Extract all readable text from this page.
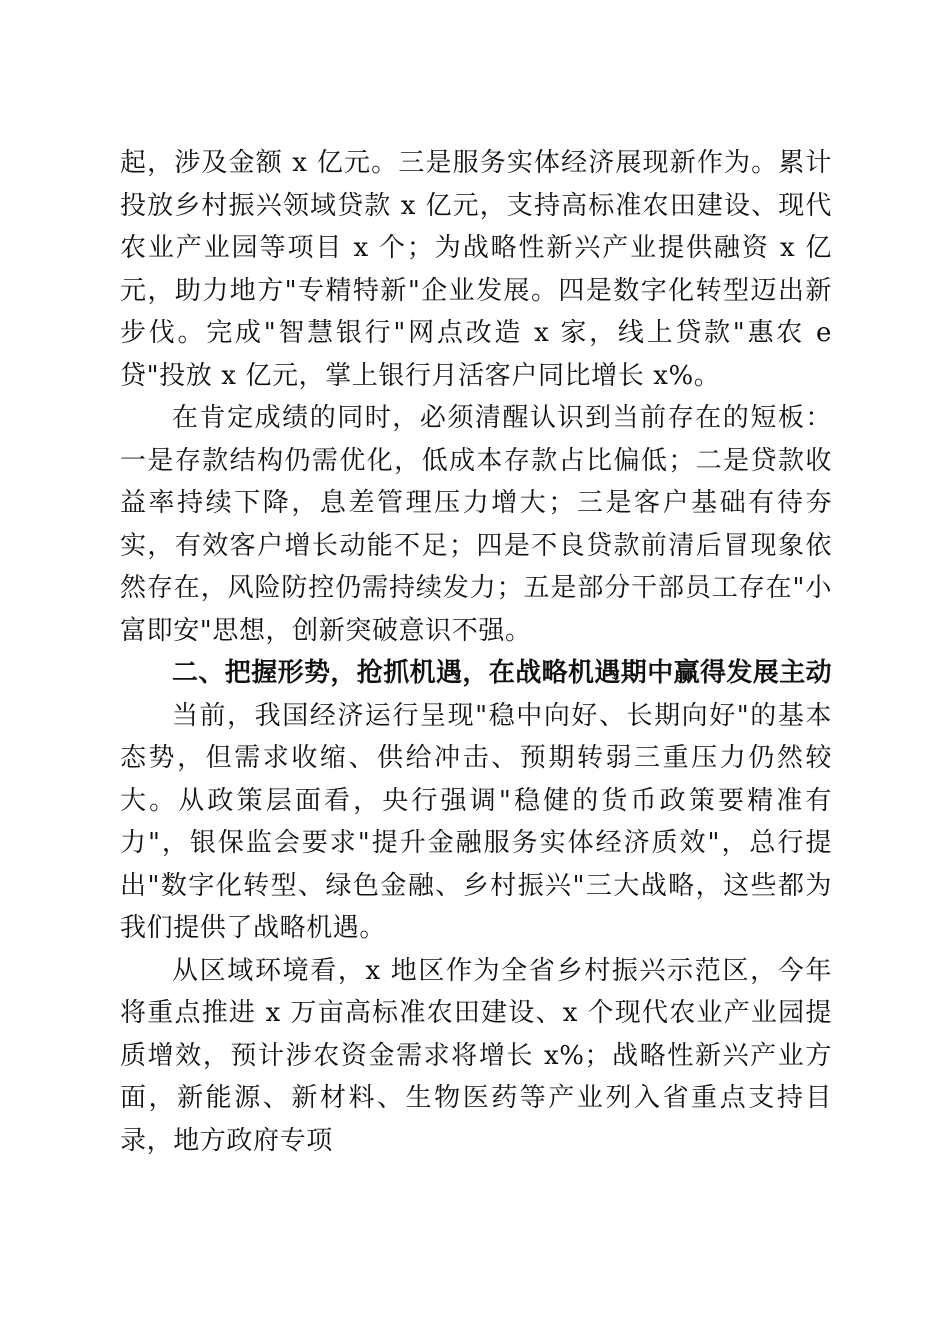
起，涉及金额 x 亿元。三是服务实体经济展现新作为。累计投放乡村振兴领域贷款 x 亿元，支持高标准农田建设、现代农业产业园等项目 x 个；为战略性新兴产业提供融资 x 亿元，助力地方"专精特新"企业发展。四是数字化转型迈出新步伐。完成"智慧银行"网点改造 x 家，线上贷款"惠农 e 贷"投放 x 亿元，掌上银行月活客户同比增长 x%。

在肯定成绩的同时，必须清醒认识到当前存在的短板：一是存款结构仍需优化，低成本存款占比偏低；二是贷款收益率持续下降，息差管理压力增大；三是客户基础有待夯实，有效客户增长动能不足；四是不良贷款前清后冒现象依然存在，风险防控仍需持续发力；五是部分干部员工存在"小富即安"思想，创新突破意识不强。

二、把握形势，抢抓机遇，在战略机遇期中赢得发展主动

当前，我国经济运行呈现"稳中向好、长期向好"的基本态势，但需求收缩、供给冲击、预期转弱三重压力仍然较大。从政策层面看，央行强调"稳健的货币政策要精准有力"，银保监会要求"提升金融服务实体经济质效"，总行提出"数字化转型、绿色金融、乡村振兴"三大战略，这些都为我们提供了战略机遇。

从区域环境看，x 地区作为全省乡村振兴示范区，今年将重点推进 x 万亩高标准农田建设、x 个现代农业产业园提质增效，预计涉农资金需求将增长 x%；战略性新兴产业方面，新能源、新材料、生物医药等产业列入省重点支持目录，地方政府专项
